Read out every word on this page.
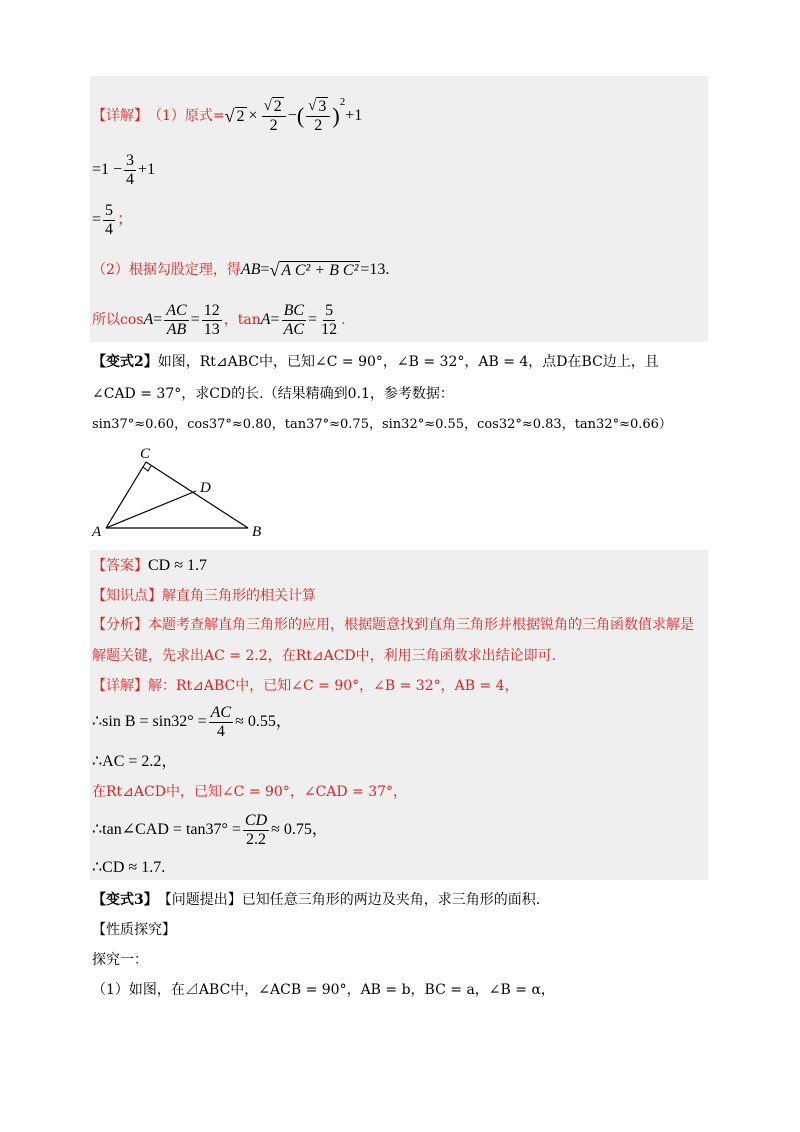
【详解】 （1）原式= √ $2 \times \frac{√ 2}{2}$ − ( $\frac{√ 3}{2}$ )
2
+1
$=1 - \frac{3}{4} +1$
= $\frac{5}{4}$ ；
（2）根据勾股定理，得 AB = √ A C² + B C² =13.
所以$\cos A = \frac{AC}{AB} = \frac{12}{13}$ ，$\tan A = \frac{BC}{AC} = \frac{5}{12}$ .
【变式2】 如图，Rt⊿ABC中，已知∠C = 90°，∠B = 32°，AB = 4，点D在BC边上，且
∠CAD = 37°，求CD的长.（结果精确到0.1，参考数据：
sin37°≈0.60，cos37°≈0.80，tan37°≈0.75，sin32°≈0.55，cos32°≈0.83，tan32°≈0.66）
C
D
A	B
【答案】 CD ≈ 1.7
【知识点】 解直角三角形的相关计算
【分析】 本题考查解直角三角形的应用，根据题意找到直角三角形并根据锐角的三角函数值求解是
解题关键，先求出AC = 2.2，在Rt⊿ACD中，利用三角函数求出结论即可.
【详解】 解：Rt⊿ABC中，已知∠C = 90°，∠B = 32°，AB = 4，
∴sin $B = \sin 32^\circ = \frac{AC}{4} \approx 0.55$，
∴AC = 2.2，
在Rt⊿ACD中，已知∠C = 90°，∠CAD = 37°，
∴tan∠CAD = $\tan 37^\circ = \frac{CD}{2.2} \approx 0.75$，
∴CD ≈ 1.7.
【变式3】 【问题提出】已知任意三角形的两边及夹角，求三角形的面积.
【性质探究】
探究一：
（1）如图，在⊿ABC中，∠ACB = 90°，AB = b，BC = a，∠B = α，
